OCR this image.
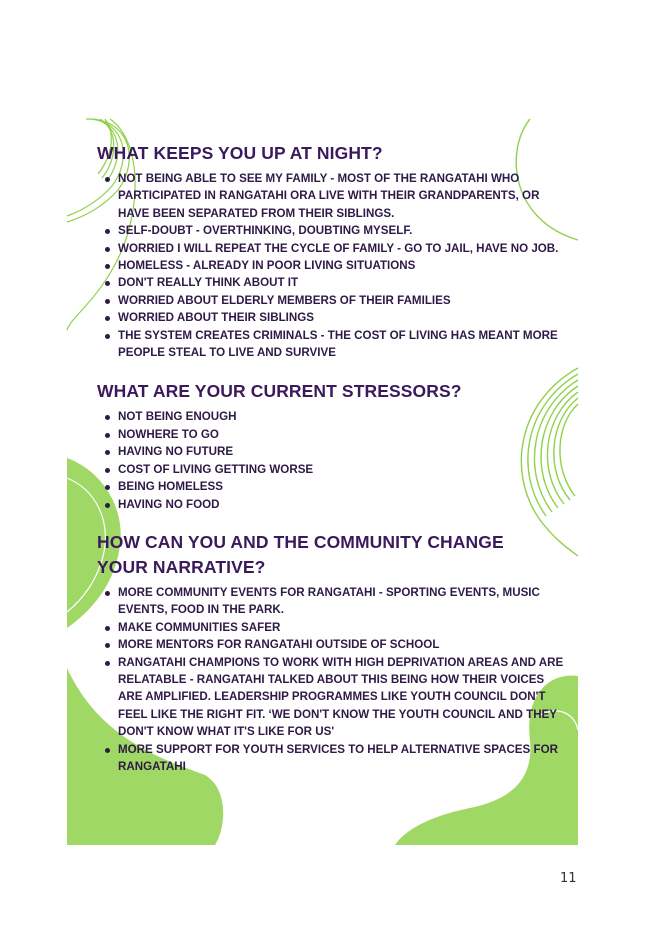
WHAT KEEPS YOU UP AT NIGHT?
NOT BEING ABLE TO SEE MY FAMILY - MOST OF THE RANGATAHI WHO PARTICIPATED IN RANGATAHI ORA LIVE WITH THEIR GRANDPARENTS, OR HAVE BEEN SEPARATED FROM THEIR SIBLINGS.
SELF-DOUBT - OVERTHINKING, DOUBTING MYSELF.
WORRIED I WILL REPEAT THE CYCLE OF FAMILY - GO TO JAIL, HAVE NO JOB.
HOMELESS - ALREADY IN POOR LIVING SITUATIONS
DON'T REALLY THINK ABOUT IT
WORRIED ABOUT ELDERLY MEMBERS OF THEIR FAMILIES
WORRIED ABOUT THEIR SIBLINGS
THE SYSTEM CREATES CRIMINALS - THE COST OF LIVING HAS MEANT MORE PEOPLE STEAL TO LIVE AND SURVIVE
WHAT ARE YOUR CURRENT STRESSORS?
NOT BEING ENOUGH
NOWHERE TO GO
HAVING NO FUTURE
COST OF LIVING GETTING WORSE
BEING HOMELESS
HAVING NO FOOD
HOW CAN YOU AND THE COMMUNITY CHANGE YOUR NARRATIVE?
MORE COMMUNITY EVENTS FOR RANGATAHI - SPORTING EVENTS, MUSIC EVENTS, FOOD IN THE PARK.
MAKE COMMUNITIES SAFER
MORE MENTORS FOR RANGATAHI OUTSIDE OF SCHOOL
RANGATAHI CHAMPIONS TO WORK WITH HIGH DEPRIVATION AREAS AND ARE RELATABLE - RANGATAHI TALKED ABOUT THIS BEING HOW THEIR VOICES ARE AMPLIFIED. LEADERSHIP PROGRAMMES LIKE YOUTH COUNCIL DON'T FEEL LIKE THE RIGHT FIT. ‘WE DON'T KNOW THE YOUTH COUNCIL AND THEY DON'T KNOW WHAT IT'S LIKE FOR US'
MORE SUPPORT FOR YOUTH SERVICES TO HELP ALTERNATIVE SPACES FOR RANGATAHI
11
